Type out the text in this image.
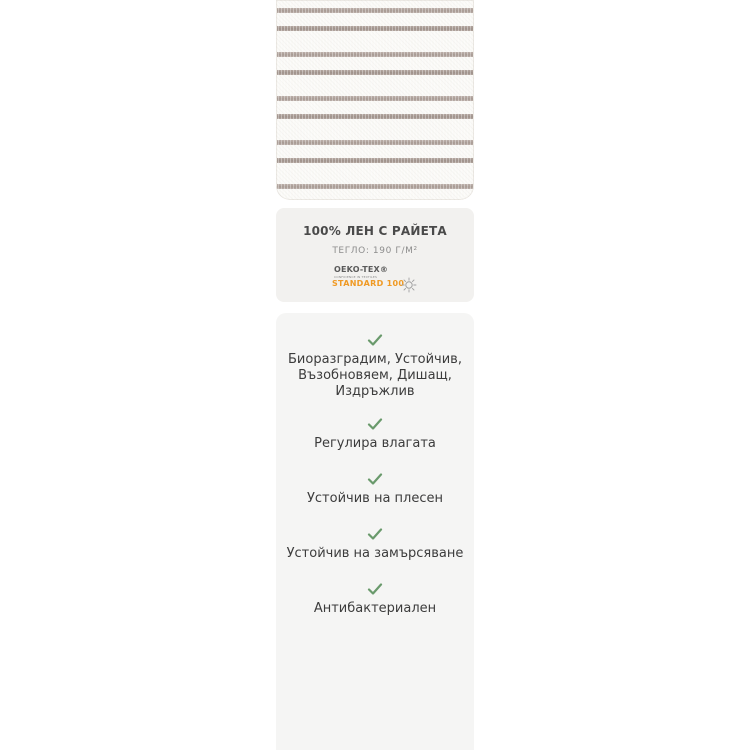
100% ЛЕН С РАЙЕТА
ТЕГЛО: 190 Г/М²
OEKO-TEX®
CONFIDENCE IN TEXTILES
STANDARD 100
Биоразградим, Устойчив, Възобновяем, Дишащ, Издръжлив
Регулира влагата
Устойчив на плесен
Устойчив на замърсяване
Антибактериален
